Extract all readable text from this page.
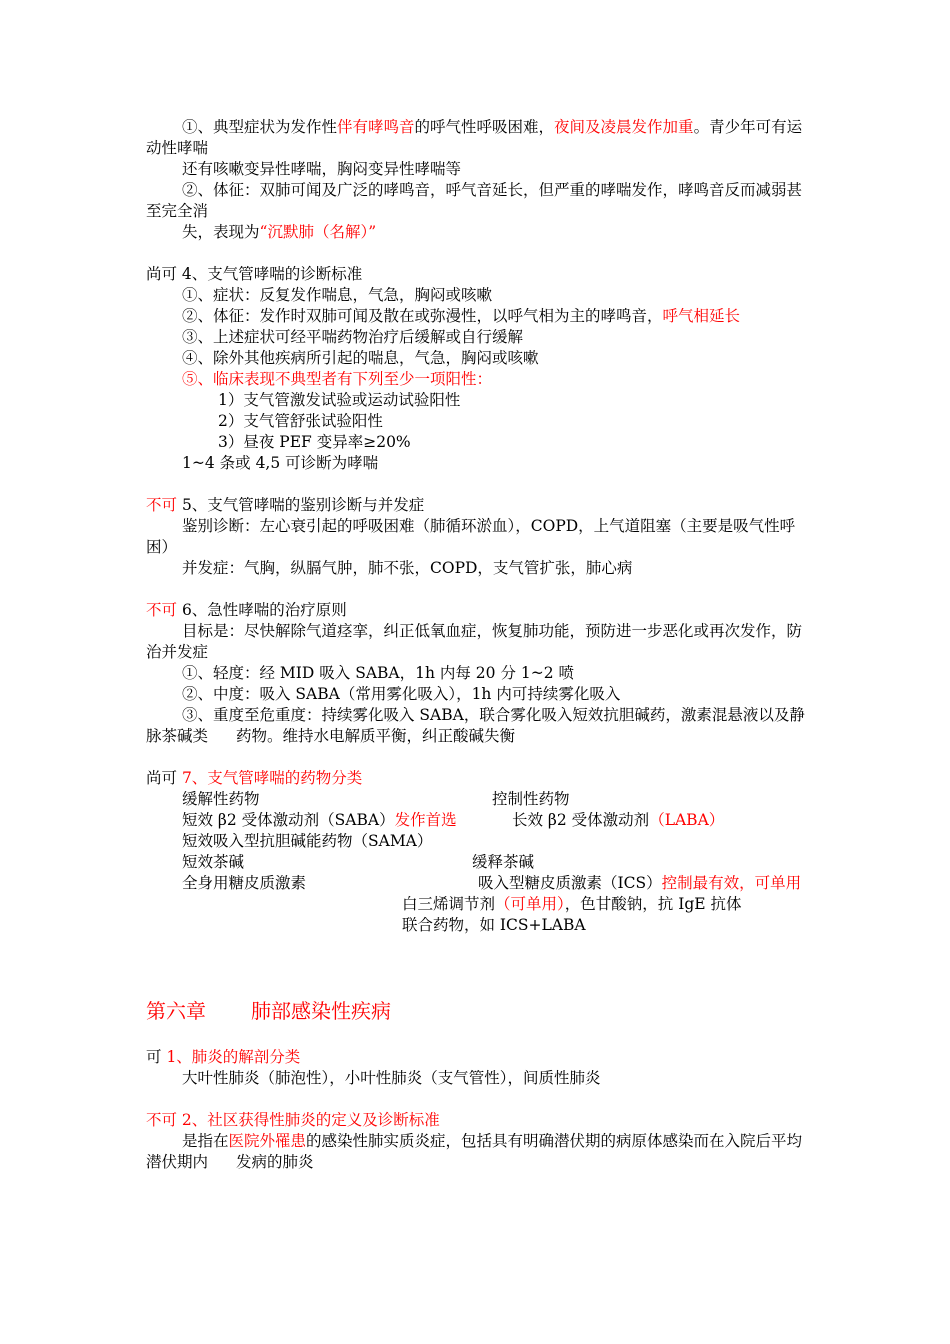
①、典型症状为发作性伴有哮鸣音的呼气性呼吸困难，夜间及凌晨发作加重。青少年可有运动性哮喘

还有咳嗽变异性哮喘，胸闷变异性哮喘等

②、体征：双肺可闻及广泛的哮鸣音，呼气音延长，但严重的哮喘发作，哮鸣音反而减弱甚至完全消

失，表现为“沉默肺（名解）”

尚可 4、支气管哮喘的诊断标准

①、症状：反复发作喘息，气急，胸闷或咳嗽

②、体征：发作时双肺可闻及散在或弥漫性，以呼气相为主的哮鸣音，呼气相延长

③、上述症状可经平喘药物治疗后缓解或自行缓解

④、除外其他疾病所引起的喘息，气急，胸闷或咳嗽

⑤、临床表现不典型者有下列至少一项阳性：

1）支气管激发试验或运动试验阳性

2）支气管舒张试验阳性

3）昼夜 PEF 变异率≥20%

1~4 条或 4,5 可诊断为哮喘

不可 5、支气管哮喘的鉴别诊断与并发症

鉴别诊断：左心衰引起的呼吸困难（肺循环淤血），COPD，上气道阻塞（主要是吸气性呼困）

并发症：气胸，纵膈气肿，肺不张，COPD，支气管扩张，肺心病

不可 6、急性哮喘的治疗原则

目标是：尽快解除气道痉挛，纠正低氧血症，恢复肺功能，预防进一步恶化或再次发作，防治并发症

①、轻度：经 MID 吸入 SABA，1h 内每 20 分 1~2 喷

②、中度：吸入 SABA（常用雾化吸入），1h 内可持续雾化吸入

③、重度至危重度：持续雾化吸入 SABA，联合雾化吸入短效抗胆碱药，激素混悬液以及静脉茶碱类 药物。维持水电解质平衡，纠正酸碱失衡

尚可 7、支气管哮喘的药物分类

缓解性药物	控制性药物
短效 β2 受体激动剂（SABA）发作首选	长效 β2 受体激动剂（LABA）
短效吸入型抗胆碱能药物（SAMA）
短效茶碱	缓释茶碱

全身用糖皮质激素	吸入型糖皮质激素（ICS）控制最有效，可单用

白三烯调节剂（可单用），色甘酸钠，抗 IgE 抗体

联合药物，如 ICS+LABA

第六章 肺部感染性疾病

可 1、肺炎的解剖分类

大叶性肺炎（肺泡性），小叶性肺炎（支气管性），间质性肺炎

不可 2、社区获得性肺炎的定义及诊断标准

是指在医院外罹患的感染性肺实质炎症，包括具有明确潜伏期的病原体感染而在入院后平均潜伏期内 发病的肺炎
